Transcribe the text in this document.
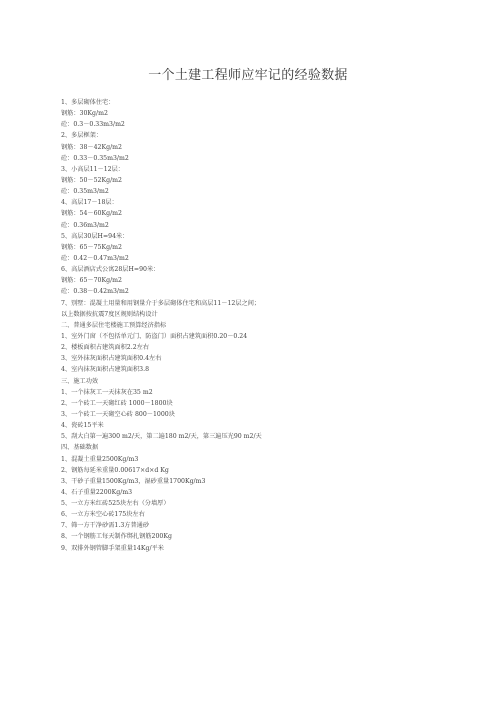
一个土建工程师应牢记的经验数据
1、多层砌体住宅：
钢筋：30Kg/m2
砼：0.3－0.33m3/m2
2、多层框架：
钢筋：38－42Kg/m2
砼：0.33－0.35m3/m2
3、小高层11－12层：
钢筋：50－52Kg/m2
砼：0.35m3/m2
4、高层17－18层：
钢筋：54－60Kg/m2
砼：0.36m3/m2
5、高层30层H=94米：
钢筋：65－75Kg/m2
砼：0.42－0.47m3/m2
6、高层酒店式公寓28层H=90米：
钢筋：65－70Kg/m2
砼：0.38－0.42m3/m2
7、别墅：混凝土用量和用钢量介于多层砌体住宅和高层11－12层之间；
以上数据按抗震7度区规则结构设计
二、普通多层住宅楼施工预算经济指标
1、室外门窗（不包括单元门、防盗门）面积占建筑面积0.20－0.24
2、楼板面积占建筑面积2.2左右
3、室外抹灰面积占建筑面积0.4左右
4、室内抹灰面积占建筑面积3.8
三、施工功效
1、一个抹灰工一天抹灰在35 m2
2、一个砖工一天砌红砖 1000－1800块
3、一个砖工一天砌空心砖 800－1000块
4、瓷砖15平米
5、刮大白第一遍300 m2/天，第二遍180 m2/天，第三遍压光90 m2/天
四、基础数据
1、混凝土重量2500Kg/m3
2、钢筋每延米重量0.00617×d×d Kg
3、干砂子重量1500Kg/m3，湿砂重量1700Kg/m3
4、石子重量2200Kg/m3
5、一立方米红砖525块左右（分墙厚）
6、一立方米空心砖175块左右
7、筛一方干净砂需1.3方普通砂
8、一个钢筋工每天制作绑扎钢筋200Kg
9、双排外钢管脚手架重量14Kg/平米
